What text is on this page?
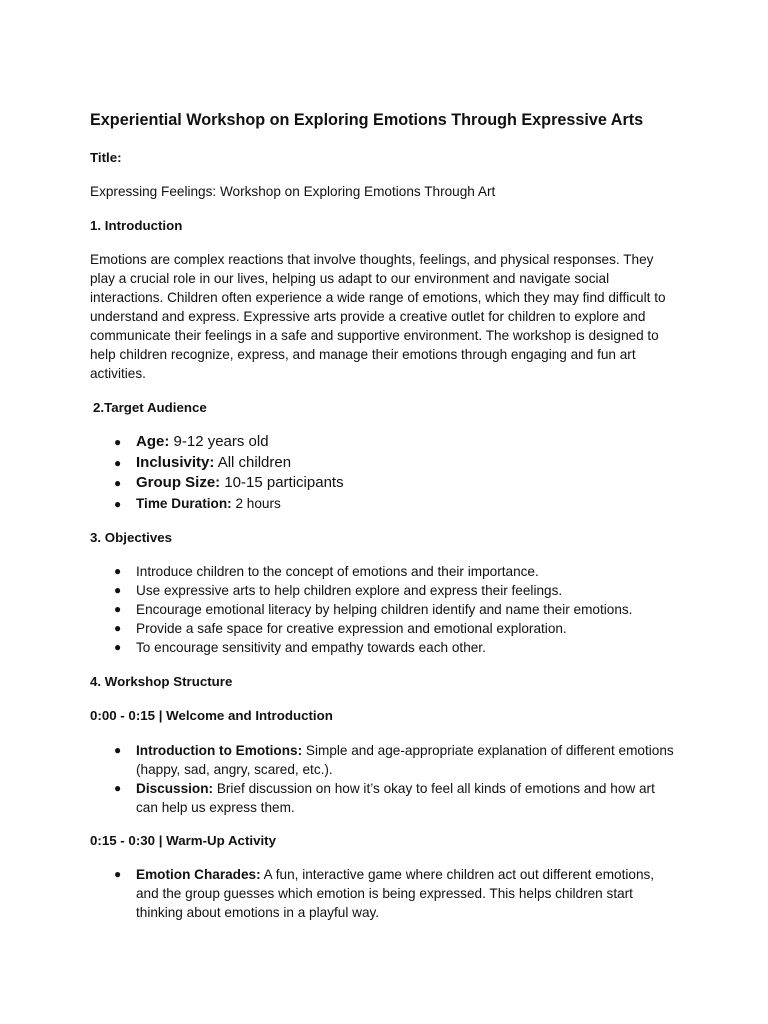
Experiential Workshop on Exploring Emotions Through Expressive Arts

Title:

Expressing Feelings: Workshop on Exploring Emotions Through Art

1. Introduction

Emotions are complex reactions that involve thoughts, feelings, and physical responses. They play a crucial role in our lives, helping us adapt to our environment and navigate social interactions. Children often experience a wide range of emotions, which they may find difficult to understand and express. Expressive arts provide a creative outlet for children to explore and communicate their feelings in a safe and supportive environment. The workshop is designed to help children recognize, express, and manage their emotions through engaging and fun art activities.

2.Target Audience

● Age: 9-12 years old
● Inclusivity: All children
● Group Size: 10-15 participants
● Time Duration: 2 hours

3. Objectives

● Introduce children to the concept of emotions and their importance.
● Use expressive arts to help children explore and express their feelings.
● Encourage emotional literacy by helping children identify and name their emotions.
● Provide a safe space for creative expression and emotional exploration.
● To encourage sensitivity and empathy towards each other.

4. Workshop Structure

0:00 - 0:15 | Welcome and Introduction

● Introduction to Emotions: Simple and age-appropriate explanation of different emotions (happy, sad, angry, scared, etc.).
● Discussion: Brief discussion on how it’s okay to feel all kinds of emotions and how art can help us express them.

0:15 - 0:30 | Warm-Up Activity

● Emotion Charades: A fun, interactive game where children act out different emotions, and the group guesses which emotion is being expressed. This helps children start thinking about emotions in a playful way.
